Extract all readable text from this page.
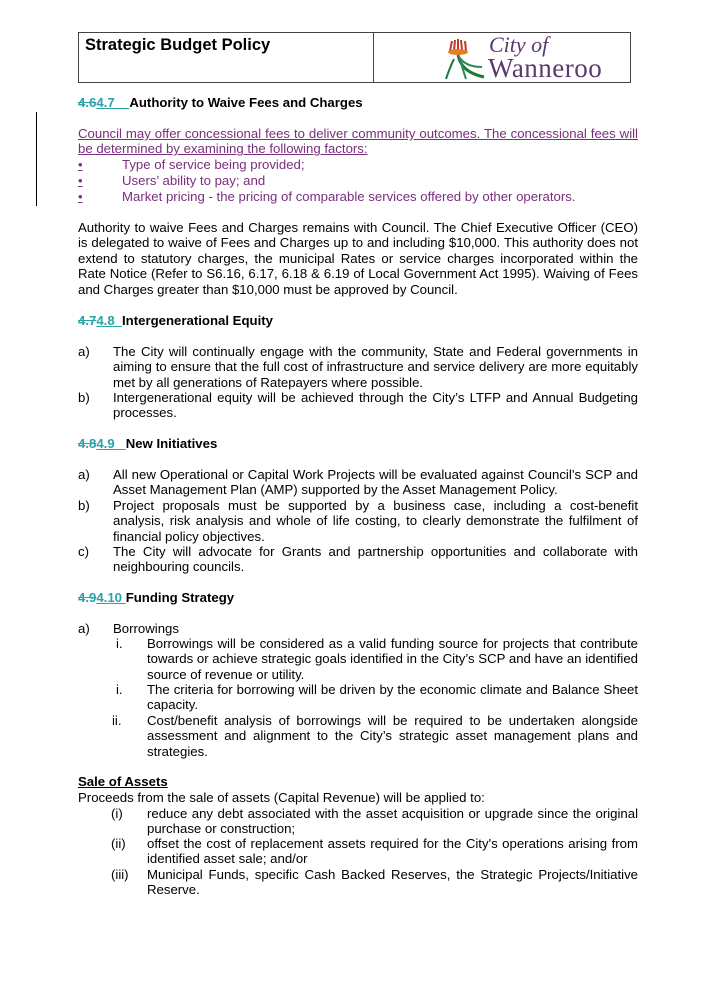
Strategic Budget Policy	City of
Wanneroo
4.64.7 Authority to Waive Fees and Charges
Council may offer concessional fees to deliver community outcomes. The concessional fees will be determined by examining the following factors:
•	Type of service being provided;
•	Users’ ability to pay; and
•	Market pricing - the pricing of comparable services offered by other operators.
Authority to waive Fees and Charges remains with Council. The Chief Executive Officer (CEO) is delegated to waive of Fees and Charges up to and including $10,000. This authority does not extend to statutory charges, the municipal Rates or service charges incorporated within the Rate Notice (Refer to S6.16, 6.17, 6.18 & 6.19 of Local Government Act 1995). Waiving of Fees and Charges greater than $10,000 must be approved by Council.
4.74.8 Intergenerational Equity
a) The City will continually engage with the community, State and Federal governments in aiming to ensure that the full cost of infrastructure and service delivery are more equitably met by all generations of Ratepayers where possible.
b) Intergenerational equity will be achieved through the City’s LTFP and Annual Budgeting processes.
4.84.9 New Initiatives
a) All new Operational or Capital Work Projects will be evaluated against Council’s SCP and Asset Management Plan (AMP) supported by the Asset Management Policy.
b) Project proposals must be supported by a business case, including a cost-benefit analysis, risk analysis and whole of life costing, to clearly demonstrate the fulfilment of financial policy objectives.
c) The City will advocate for Grants and partnership opportunities and collaborate with neighbouring councils.
4.94.10 Funding Strategy
a) Borrowings
i. Borrowings will be considered as a valid funding source for projects that contribute towards or achieve strategic goals identified in the City’s SCP and have an identified source of revenue or utility.
i. The criteria for borrowing will be driven by the economic climate and Balance Sheet capacity.
ii. Cost/benefit analysis of borrowings will be required to be undertaken alongside assessment and alignment to the City’s strategic asset management plans and strategies.
Sale of Assets
Proceeds from the sale of assets (Capital Revenue) will be applied to:
(i) reduce any debt associated with the asset acquisition or upgrade since the original purchase or construction;
(ii) offset the cost of replacement assets required for the City's operations arising from identified asset sale; and/or
(iii) Municipal Funds, specific Cash Backed Reserves, the Strategic Projects/Initiative Reserve.
